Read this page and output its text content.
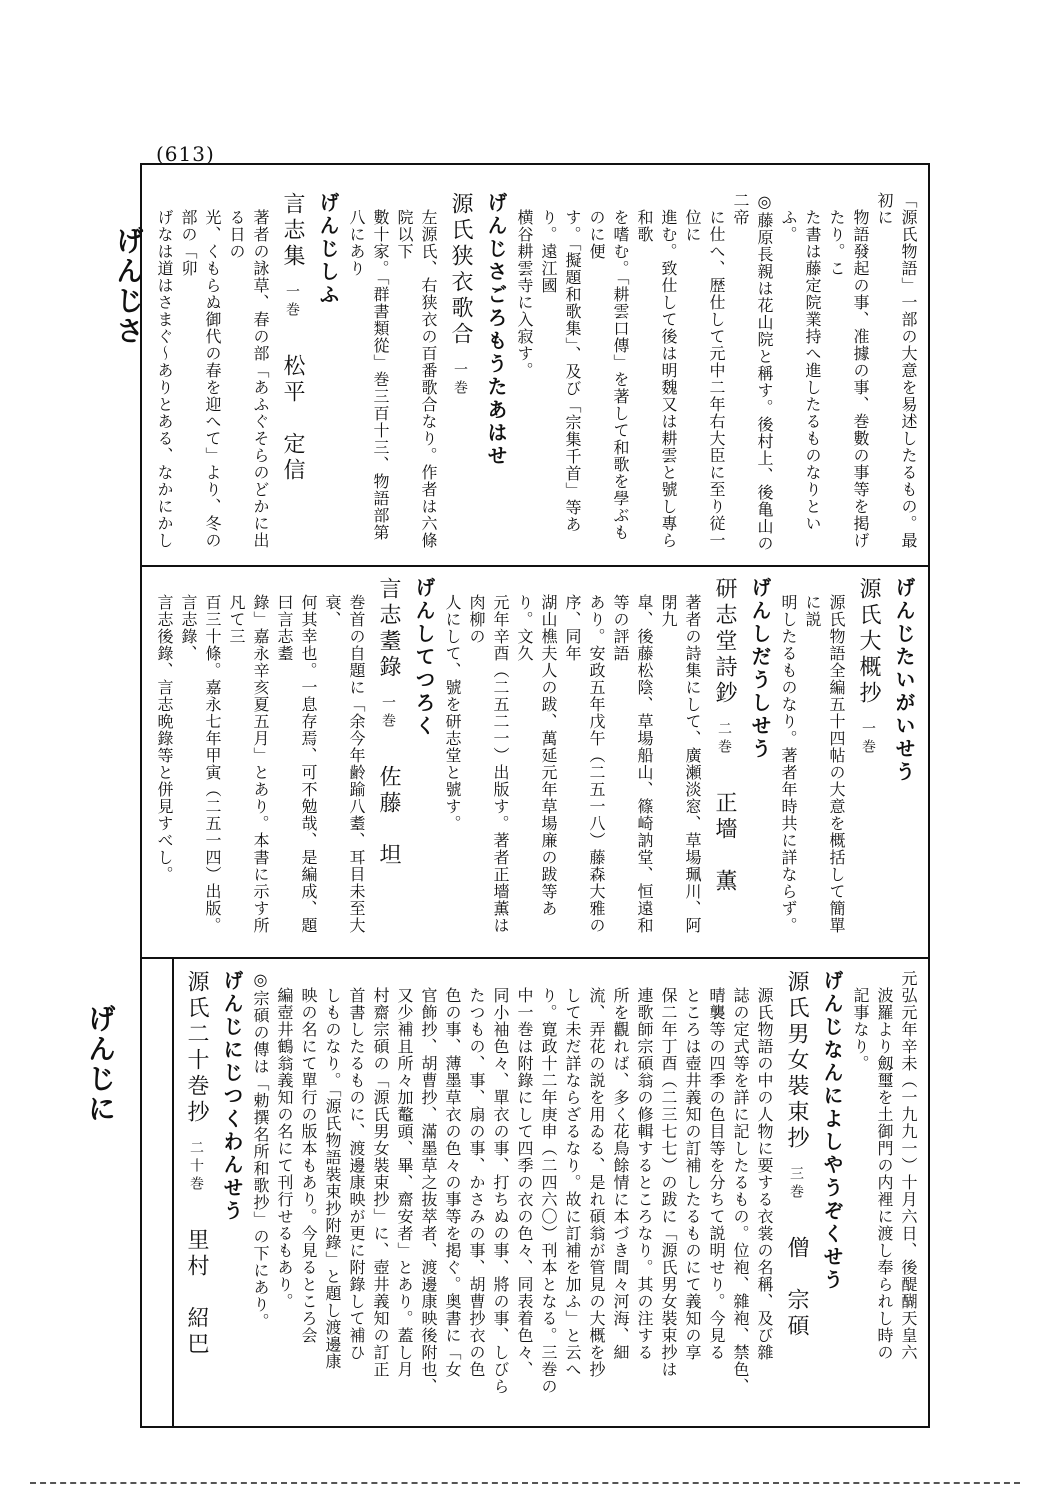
(613)
げんじさ
げんじに
「源氏物語」一部の大意を易述したるもの。最初に
物語發起の事、准據の事、巻數の事等を掲げたり。こ
た書は藤定院業持へ進したるものなりといふ。
◎藤原長親は花山院と稱す。後村上、後亀山の二帝
に仕へ、歴仕して元中二年右大臣に至り従一位に
進む。致仕して後は明魏又は耕雲と號し專ら和歌
を嗜む。「耕雲口傳」を著して和歌を學ぶものに便
す。「擬題和歌集」、及び「宗集千首」等あり。遠江國
横谷耕雲寺に入寂す。
げんじさごろもうたあはせ
源氏狭衣歌合一巻
左源氏、右狭衣の百番歌合なり。作者は六條院以下
數十家。「群書類從」巻三百十三、物語部第八にあり
げんじしふ
言志集一巻松平　定信
著者の詠草、春の部「あふぐそらのどかに出る日の
光、くもらぬ御代の春を迎へて」より、冬の部の「卯
げなは道はさまぐ～ありとある、なかにかし
げんじたいがいせう
源氏大概抄一巻
源氏物語全編五十四帖の大意を概括して簡單に説
明したるものなり。著者年時共に詳ならず。
げんしだうしせう
研志堂詩鈔二巻正墻　薫
著者の詩集にして、廣瀬淡窓、草場珮川、阿閉九
皐、後藤松陰、草場船山、篠崎訥堂、恒遠和等の評語
あり。安政五年戊午（二五一八）藤森大雅の序、同年
湖山樵夫人の跋、萬延元年草場廉の跋等あり。文久
元年辛酉（二五二一）出版す。著者正墻薫は肉柳の
人にして、號を研志堂と號す。
げんしてつろく
言志耋錄一巻佐藤　坦
巻首の自題に「余今年齢踰八耋、耳目未至大衰、
何其幸也。一息存焉、可不勉哉、是編成、題曰言志耋
錄」嘉永辛亥夏五月」とあり。本書に示す所凡て三
百三十條。嘉永七年甲寅（二五一四）出版。言志錄、
言志後錄、言志晩錄等と併見すべし。
元弘元年辛未（一九九一）十月六日、後醍醐天皇六
波羅より劔璽を土御門の内裡に渡し奉られし時の
記事なり。
げんじなんによしやうぞくせう
源氏男女裝束抄三巻僧　宗碩
源氏物語の中の人物に要する衣裳の名稱、及び雜
誌の定式等を詳に記したるもの。位袍、雜袍、禁色、
晴襲等の四季の色目等を分ちて説明せり。今見る
ところは壺井義知の訂補したるものにて義知の享
保二年丁酉（二三七七）の跋に「源氏男女裝束抄は
連歌師宗碩翁の修輯するところなり。其の注する
所を觀れば、多く花鳥餘情に本づき間々河海、細
流、弄花の説を用ゐる、是れ碩翁が管見の大概を抄
して未だ詳ならざるなり。故に訂補を加ふ」と云へ
り。寛政十二年庚申（二四六〇）刊本となる。三巻の
中一巻は附錄にして四季の衣の色々、同表着色々、
同小袖色々、單衣の事、打ちぬの事、將の事、しびら
たつもの、事、扇の事、かさみの事、胡曹抄衣の色
色の事、薄墨草衣の色々の事等を掲ぐ。奥書に「女
官飾抄、胡曹抄、滿墨草之抜萃者、渡邊康映後附也、
又少補且所々加鼇頭、畢、齋安者」とあり。蓋し月
村齋宗碩の「源氏男女裝束抄」に、壺井義知の訂正
首書したるものに、渡邊康映が更に附錄して補ひ
しものなり。「源氏物語裝束抄附錄」と題し渡邊康
映の名にて單行の版本もあり。今見るところ会
編壺井鶴翁義知の名にて刊行せるもあり。
◎宗碩の傳は「勅撰名所和歌抄」の下にあり。
げんじにじつくわんせう
源氏二十巻抄二十巻里村　紹巴
